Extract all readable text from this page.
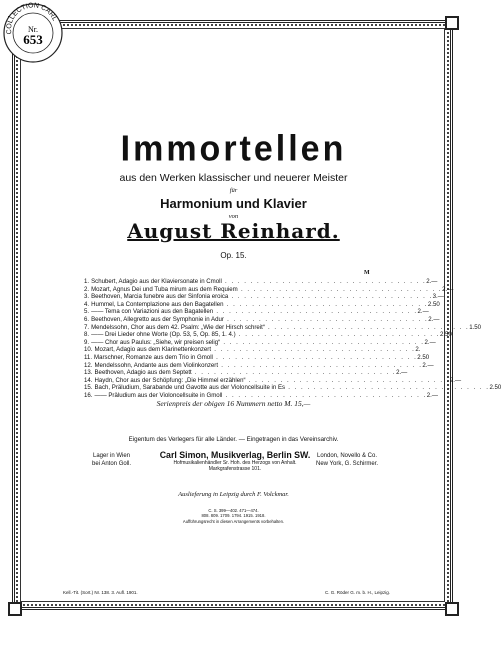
COLLECTION CARL
Nr.
653
Immortellen
aus den Werken klassischer und neuerer Meister
für
Harmonium und Klavier
von
August Reinhard.
Op. 15.
M
1. Schubert, Adagio aus der Klaviersonate in Cmoll . . . . . . . . . . . . . . . . . . . . . . . . . . . . . . . . 2.—
2. Mozart, Agnus Dei und Tuba mirum aus dem Requiem . . . . . . . . . . . . . . . . . . . . . . . . . . . . . . . . 2.—
3. Beethoven, Marcia funebre aus der Sinfonia eroica . . . . . . . . . . . . . . . . . . . . . . . . . . . . . . . . 3.—
4. Hummel, La Contemplazione aus den Bagatellen . . . . . . . . . . . . . . . . . . . . . . . . . . . . . . . . 2.50
5. —— Tema con Variazioni aus den Bagatellen . . . . . . . . . . . . . . . . . . . . . . . . . . . . . . . . 2.—
6. Beethoven, Allegretto aus der Symphonie in Adur . . . . . . . . . . . . . . . . . . . . . . . . . . . . . . . . 2.—
7. Mendelssohn, Chor aus dem 42. Psalm: „Wie der Hirsch schreit“ . . . . . . . . . . . . . . . . . . . . . . . . . . . . . . . . 1.50
8. —— Drei Lieder ohne Worte (Op. 53, 5, Op. 85, 1. 4.) . . . . . . . . . . . . . . . . . . . . . . . . . . . . . . . . 2.50
9. —— Chor aus Paulus: „Siehe, wir preisen selig“ . . . . . . . . . . . . . . . . . . . . . . . . . . . . . . . . 2.—
10. Mozart, Adagio aus dem Klarinettenkonzert . . . . . . . . . . . . . . . . . . . . . . . . . . . . . . . . 2.
11. Marschner, Romanze aus dem Trio in Gmoll . . . . . . . . . . . . . . . . . . . . . . . . . . . . . . . . 2.50
12. Mendelssohn, Andante aus dem Violinkonzert . . . . . . . . . . . . . . . . . . . . . . . . . . . . . . . . 2.—
13. Beethoven, Adagio aus dem Septett . . . . . . . . . . . . . . . . . . . . . . . . . . . . . . . . 2.—
14. Haydn, Chor aus der Schöpfung: „Die Himmel erzählen“ . . . . . . . . . . . . . . . . . . . . . . . . . . . . . . . . 2.—
15. Bach, Präludium, Sarabande und Gavotte aus der Violoncellsuite in Es . . . . . . . . . . . . . . . . . . . . . . . . . . . . . . . . 2.50
16. —— Präludium aus der Violoncellsuite in Gmoll . . . . . . . . . . . . . . . . . . . . . . . . . . . . . . . . 2.—
Serienpreis der obigen 16 Nummern netto M. 15,—
Eigentum des Verlegers für alle Länder. — Eingetragen in das Vereinsarchiv.
Lager in Wien
bei Anton Goll.
Carl Simon, Musikverlag, Berlin SW.
Hofmusikalienhändler Sr. Hoh. des Herzogs von Anhalt.
Markgrafenstrasse 101.
London, Novello & Co.
New York, G. Schirmer.
Auslieferung in Leipzig durch F. Volckmar.
C. S. 399—402. 471—474.
808. 809. 1709. 1794. 1915. 1918.
Aufführungsrecht in diesen Arrangements vorbehalten.
Kell.-Tit. (Sort.) Nr. 138. 3. Aufl. 1901.	C. G. Röder G. m. b. H., Leipzig.
